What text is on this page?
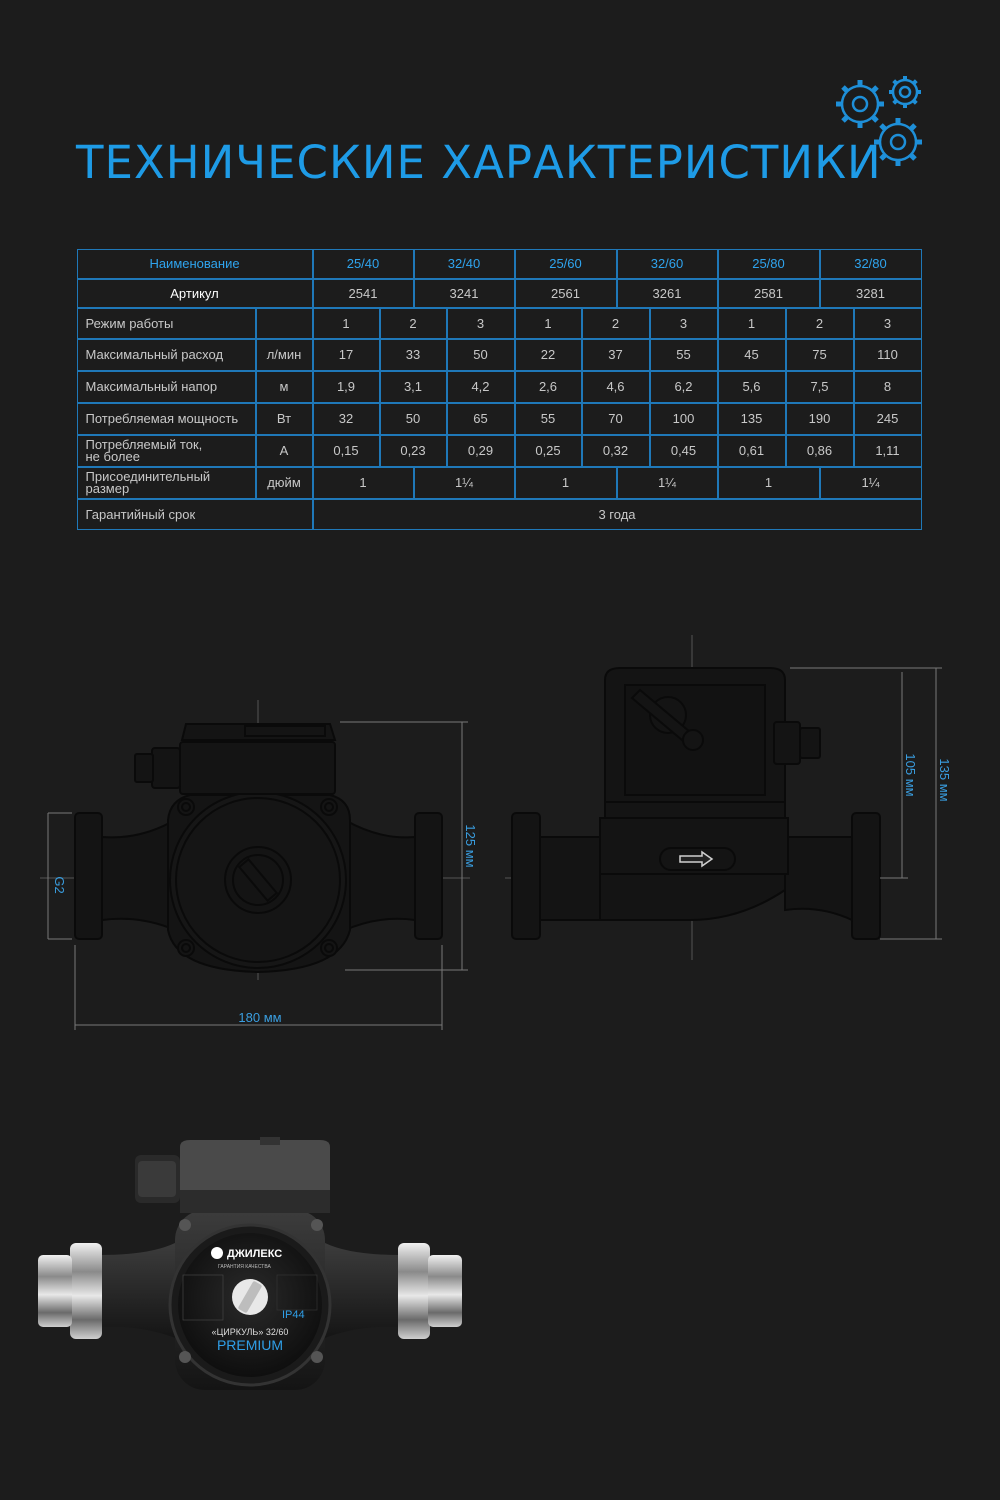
ТЕХНИЧЕСКИЕ ХАРАКТЕРИСТИКИ
Наименование	25/40	32/40	25/60	32/60	25/80	32/80
Артикул	2541	3241	2561	3261	2581	3281
Режим работы	1	2	3	1	2	3	1	2	3
Максимальный расход	л/мин	17	33	50	22	37	55	45	75	110
Максимальный напор	м	1,9	3,1	4,2	2,6	4,6	6,2	5,6	7,5	8
Потребляемая мощность	Вт	32	50	65	55	70	100	135	190	245
Потребляемый ток,
не более	А	0,15	0,23	0,29	0,25	0,32	0,45	0,61	0,86	1,11
Присоединительный
размер	дюйм	1	1¼	1	1¼	1	1¼
Гарантийный срок	3 года
G2
180 мм
125 мм
105 мм 135 мм
ДЖИЛЕКС
ГАРАНТИЯ КАЧЕСТВА
IP44
«ЦИРКУЛЬ» 32/60
PREMIUM
